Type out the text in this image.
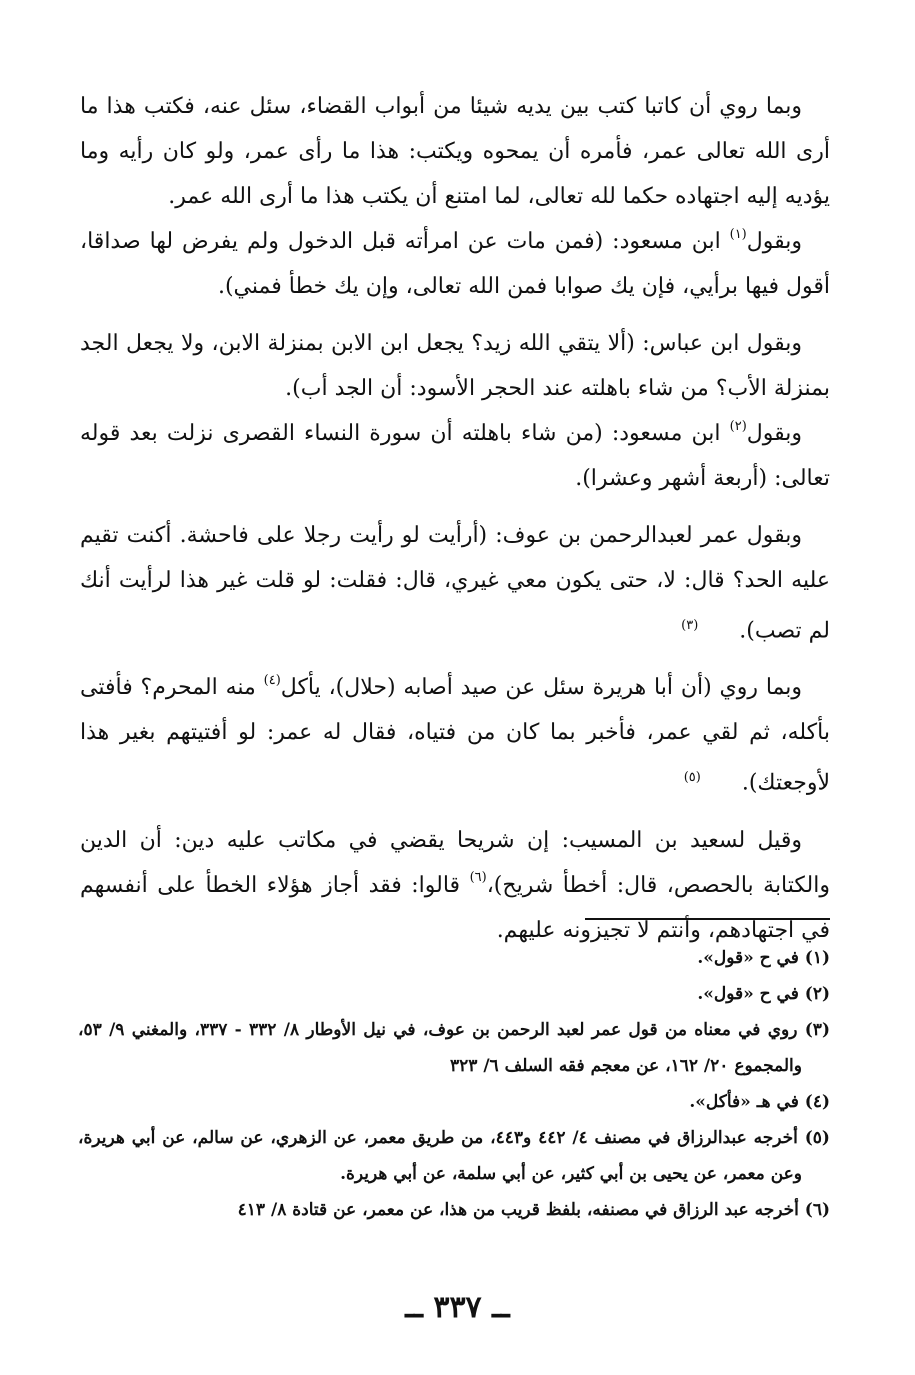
وبما روي أن كاتبا كتب بين يديه شيئا من أبواب القضاء، سئل عنه، فكتب هذا ما أرى الله تعالى عمر، فأمره أن يمحوه ويكتب: هذا ما رأى عمر، ولو كان رأيه وما يؤديه إليه اجتهاده حكما لله تعالى، لما امتنع أن يكتب هذا ما أرى الله عمر.

وبقول$^{(١)}$ ابن مسعود: (فمن مات عن امرأته قبل الدخول ولم يفرض لها صداقا، أقول فيها برأيي، فإن يك صوابا فمن الله تعالى، وإن يك خطأ فمني).

وبقول ابن عباس: (ألا يتقي الله زيد؟ يجعل ابن الابن بمنزلة الابن، ولا يجعل الجد بمنزلة الأب؟ من شاء باهلته عند الحجر الأسود: أن الجد أب).

وبقول$^{(٢)}$ ابن مسعود: (من شاء باهلته أن سورة النساء القصرى نزلت بعد قوله تعالى: (أربعة أشهر وعشرا).

وبقول عمر لعبدالرحمن بن عوف: (أرأيت لو رأيت رجلا على فاحشة. أكنت تقيم عليه الحد؟ قال: لا، حتى يكون معي غيري، قال: فقلت: لو قلت غير هذا لرأيت أنك لم تصب). (٣)

وبما روي (أن أبا هريرة سئل عن صيد أصابه (حلال)، يأكل$^{(٤)}$ منه المحرم؟ فأفتى بأكله، ثم لقي عمر، فأخبر بما كان من فتياه، فقال له عمر: لو أفتيتهم بغير هذا لأوجعتك). (٥)

وقيل لسعيد بن المسيب: إن شريحا يقضي في مكاتب عليه دين: أن الدين والكتابة بالحصص، قال: أخطأ شريح)،$^{(٦)}$ قالوا: فقد أجاز هؤلاء الخطأ على أنفسهم في اجتهادهم، وأنتم لا تجيزونه عليهم.

(١) في ح «قول».

(٢) في ح «قول».

(٣) روي في معناه من قول عمر لعبد الرحمن بن عوف، في نيل الأوطار ٨/ ٣٣٢ - ٣٣٧، والمغني ٩/ ٥٣، والمجموع ٢٠/ ١٦٢، عن معجم فقه السلف ٦/ ٣٢٣

(٤) في هـ «فأكل».

(٥) أخرجه عبدالرزاق في مصنف ٤/ ٤٤٢ و٤٤٣، من طريق معمر، عن الزهري، عن سالم، عن أبي هريرة، وعن معمر، عن يحيى بن أبي كثير، عن أبي سلمة، عن أبي هريرة.

(٦) أخرجه عبد الرزاق في مصنفه، بلفظ قريب من هذا، عن معمر، عن قتادة ٨/ ٤١٣

ــ ٣٣٧ ــ
